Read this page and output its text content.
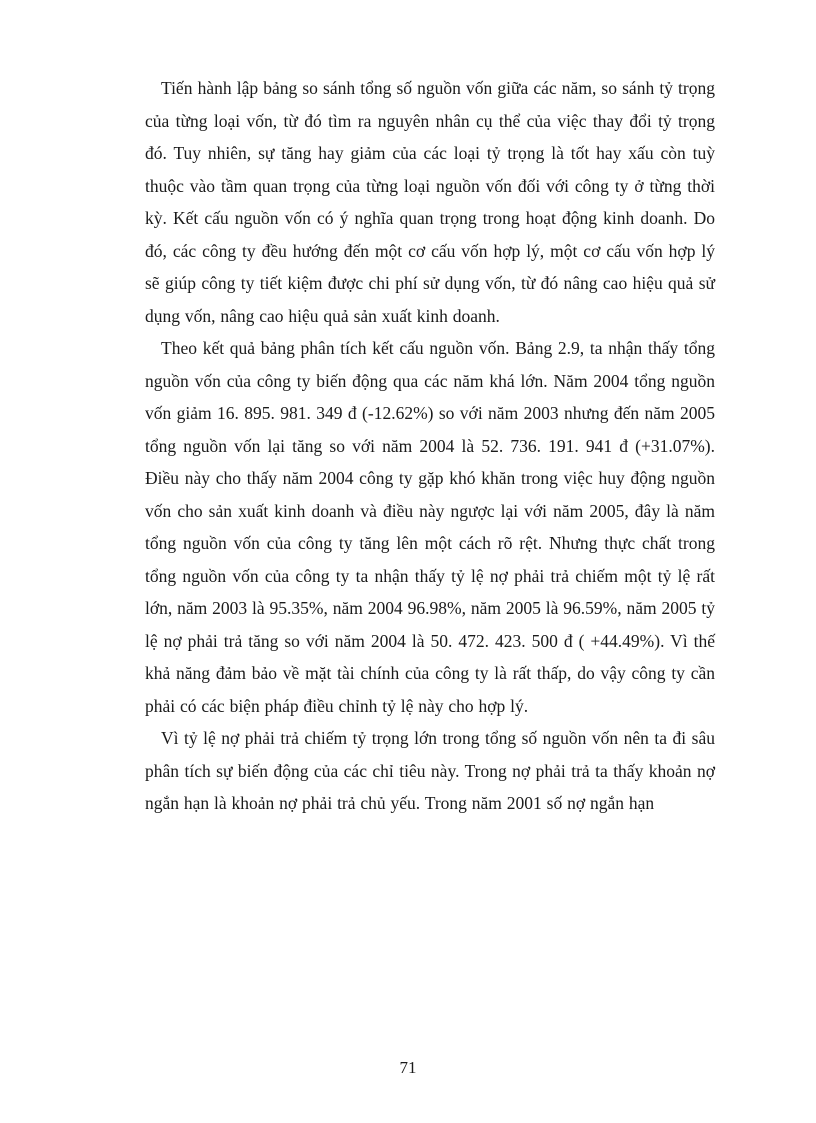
Tiến hành lập bảng so sánh tổng số nguồn vốn giữa các năm, so sánh tỷ trọng của từng loại vốn, từ đó tìm ra nguyên nhân cụ thể của việc thay đổi tỷ trọng đó. Tuy nhiên, sự tăng hay giảm của các loại tỷ trọng là tốt hay xấu còn tuỳ thuộc vào tầm quan trọng của từng loại nguồn vốn đối với công ty ở từng thời kỳ. Kết cấu nguồn vốn có ý nghĩa quan trọng trong hoạt động kinh doanh. Do đó, các công ty đều hướng đến một cơ cấu vốn hợp lý, một cơ cấu vốn hợp lý sẽ giúp công ty tiết kiệm được chi phí sử dụng vốn, từ đó nâng cao hiệu quả sử dụng vốn, nâng cao hiệu quả sản xuất kinh doanh.

Theo kết quả bảng phân tích kết cấu nguồn vốn. Bảng 2.9, ta nhận thấy tổng nguồn vốn của công ty biến động qua các năm khá lớn. Năm 2004 tổng nguồn vốn giảm 16. 895. 981. 349 đ (-12.62%) so với năm 2003 nhưng đến năm 2005 tổng nguồn vốn lại tăng so với năm 2004 là 52. 736. 191. 941 đ (+31.07%). Điều này cho thấy năm 2004 công ty gặp khó khăn trong việc huy động nguồn vốn cho sản xuất kinh doanh và điều này ngược lại với năm 2005, đây là năm tổng nguồn vốn của công ty tăng lên một cách rõ rệt. Nhưng thực chất trong tổng nguồn vốn của công ty ta nhận thấy tỷ lệ nợ phải trả chiếm một tỷ lệ rất lớn, năm 2003 là 95.35%, năm 2004 96.98%, năm 2005 là 96.59%, năm 2005 tỷ lệ nợ phải trả tăng so với năm 2004 là 50. 472. 423. 500 đ ( +44.49%). Vì thế khả năng đảm bảo về mặt tài chính của công ty là rất thấp, do vậy công ty cần phải có các biện pháp điều chỉnh tỷ lệ này cho hợp lý.

Vì tỷ lệ nợ phải trả chiếm tỷ trọng lớn trong tổng số nguồn vốn nên ta đi sâu phân tích sự biến động của các chỉ tiêu này. Trong nợ phải trả ta thấy khoản nợ ngắn hạn là khoản nợ phải trả chủ yếu. Trong năm 2001 số nợ ngắn hạn

71
